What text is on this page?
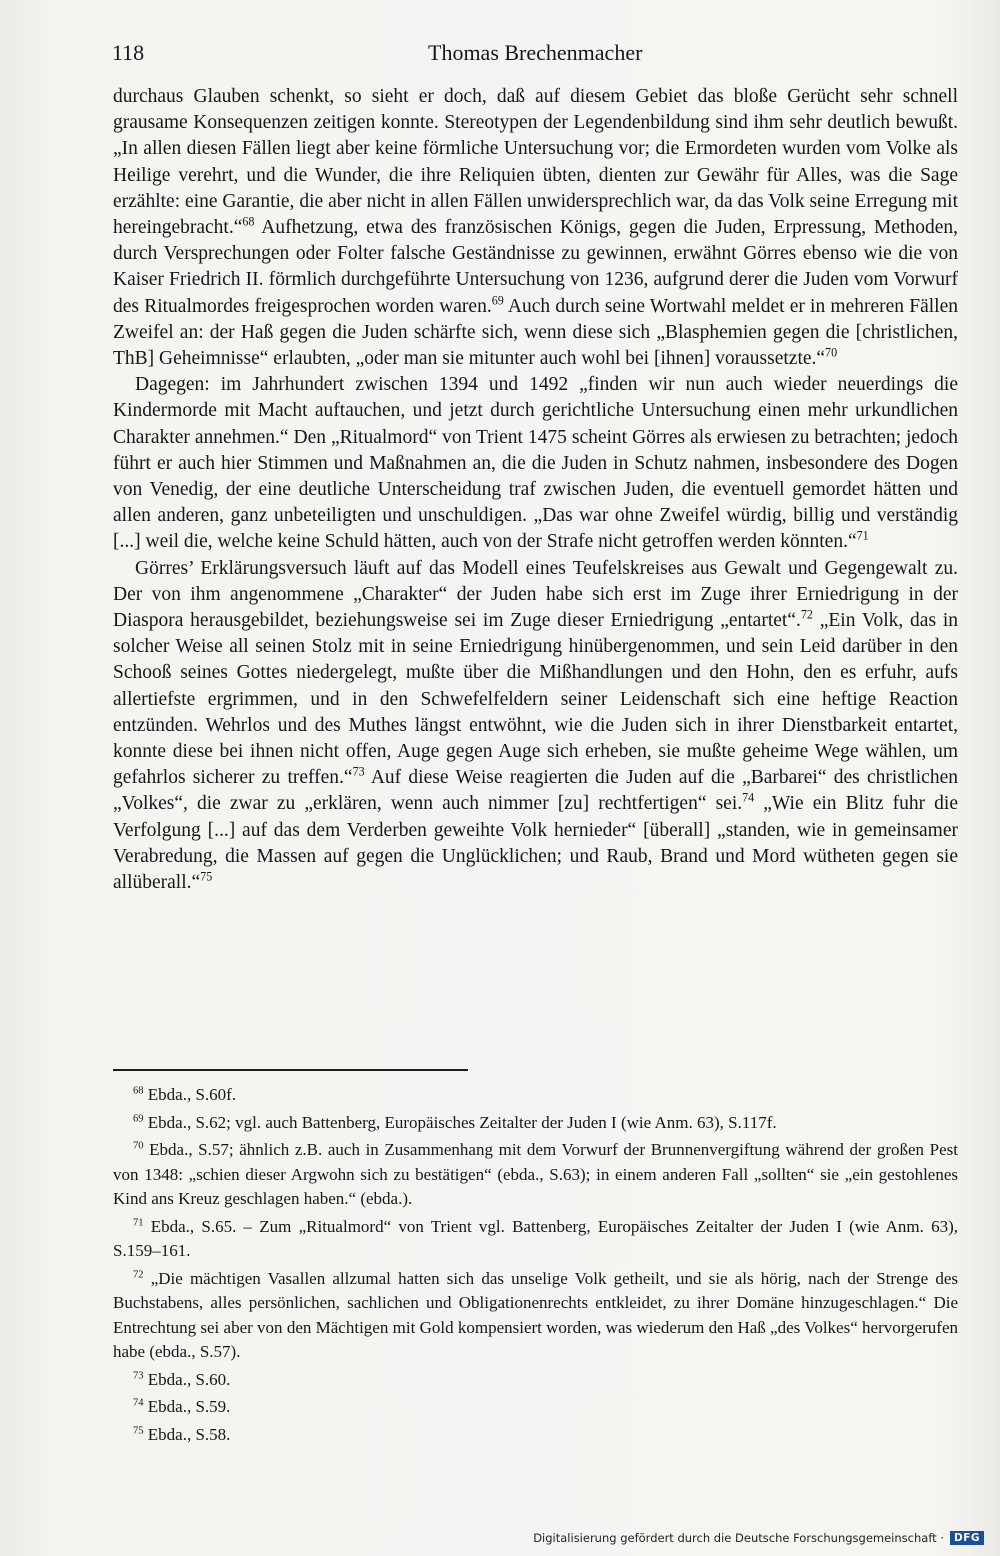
118	Thomas Brechenmacher

durchaus Glauben schenkt, so sieht er doch, daß auf diesem Gebiet das bloße Gerücht sehr schnell grausame Konsequenzen zeitigen konnte. Stereotypen der Legendenbildung sind ihm sehr deutlich bewußt. „In allen diesen Fällen liegt aber keine förmliche Untersuchung vor; die Ermordeten wurden vom Volke als Heilige verehrt, und die Wunder, die ihre Reliquien übten, dienten zur Gewähr für Alles, was die Sage erzählte: eine Garantie, die aber nicht in allen Fällen unwidersprechlich war, da das Volk seine Erregung mit hereingebracht.“$^{68}$ Aufhetzung, etwa des französischen Königs, gegen die Juden, Erpressung, Methoden, durch Versprechungen oder Folter falsche Geständnisse zu gewinnen, erwähnt Görres ebenso wie die von Kaiser Friedrich II. förmlich durchgeführte Untersuchung von 1236, aufgrund derer die Juden vom Vorwurf des Ritualmordes freigesprochen worden waren.$^{69}$ Auch durch seine Wortwahl meldet er in mehreren Fällen Zweifel an: der Haß gegen die Juden schärfte sich, wenn diese sich „Blasphemien gegen die [christlichen, ThB] Geheimnisse“ erlaubten, „oder man sie mitunter auch wohl bei [ihnen] voraussetzte.“$^{70}$

Dagegen: im Jahrhundert zwischen 1394 und 1492 „finden wir nun auch wieder neuerdings die Kindermorde mit Macht auftauchen, und jetzt durch gerichtliche Untersuchung einen mehr urkundlichen Charakter annehmen.“ Den „Ritualmord“ von Trient 1475 scheint Görres als erwiesen zu betrachten; jedoch führt er auch hier Stimmen und Maßnahmen an, die die Juden in Schutz nahmen, insbesondere des Dogen von Venedig, der eine deutliche Unterscheidung traf zwischen Juden, die eventuell gemordet hätten und allen anderen, ganz unbeteiligten und unschuldigen. „Das war ohne Zweifel würdig, billig und verständig [...] weil die, welche keine Schuld hätten, auch von der Strafe nicht getroffen werden könnten.“$^{71}$

Görres’ Erklärungsversuch läuft auf das Modell eines Teufelskreises aus Gewalt und Gegengewalt zu. Der von ihm angenommene „Charakter“ der Juden habe sich erst im Zuge ihrer Erniedrigung in der Diaspora herausgebildet, beziehungsweise sei im Zuge dieser Erniedrigung „entartet“.$^{72}$ „Ein Volk, das in solcher Weise all seinen Stolz mit in seine Erniedrigung hinübergenommen, und sein Leid darüber in den Schooß seines Gottes niedergelegt, mußte über die Mißhandlungen und den Hohn, den es erfuhr, aufs allertiefste ergrimmen, und in den Schwefelfeldern seiner Leidenschaft sich eine heftige Reaction entzünden. Wehrlos und des Muthes längst entwöhnt, wie die Juden sich in ihrer Dienstbarkeit entartet, konnte diese bei ihnen nicht offen, Auge gegen Auge sich erheben, sie mußte geheime Wege wählen, um gefahrlos sicherer zu treffen.“$^{73}$ Auf diese Weise reagierten die Juden auf die „Barbarei“ des christlichen „Volkes“, die zwar zu „erklären, wenn auch nimmer [zu] rechtfertigen“ sei.$^{74}$ „Wie ein Blitz fuhr die Verfolgung [...] auf das dem Verderben geweihte Volk hernieder“ [überall] „standen, wie in gemeinsamer Verabredung, die Massen auf gegen die Unglücklichen; und Raub, Brand und Mord wütheten gegen sie allüberall.“$^{75}$

$^{68}$ Ebda., S.60f.

$^{69}$ Ebda., S.62; vgl. auch Battenberg, Europäisches Zeitalter der Juden I (wie Anm. 63), S.117f.

$^{70}$ Ebda., S.57; ähnlich z.B. auch in Zusammenhang mit dem Vorwurf der Brunnenvergiftung während der großen Pest von 1348: „schien dieser Argwohn sich zu bestätigen“ (ebda., S.63); in einem anderen Fall „sollten“ sie „ein gestohlenes Kind ans Kreuz geschlagen haben.“ (ebda.).

$^{71}$ Ebda., S.65. – Zum „Ritualmord“ von Trient vgl. Battenberg, Europäisches Zeitalter der Juden I (wie Anm. 63), S.159–161.

$^{72}$ „Die mächtigen Vasallen allzumal hatten sich das unselige Volk getheilt, und sie als hörig, nach der Strenge des Buchstabens, alles persönlichen, sachlichen und Obligationenrechts entkleidet, zu ihrer Domäne hinzugeschlagen.“ Die Entrechtung sei aber von den Mächtigen mit Gold kompensiert worden, was wiederum den Haß „des Volkes“ hervorgerufen habe (ebda., S.57).

$^{73}$ Ebda., S.60.

$^{74}$ Ebda., S.59.

$^{75}$ Ebda., S.58.

Digitalisierung gefördert durch die Deutsche Forschungsgemeinschaft · DFG
